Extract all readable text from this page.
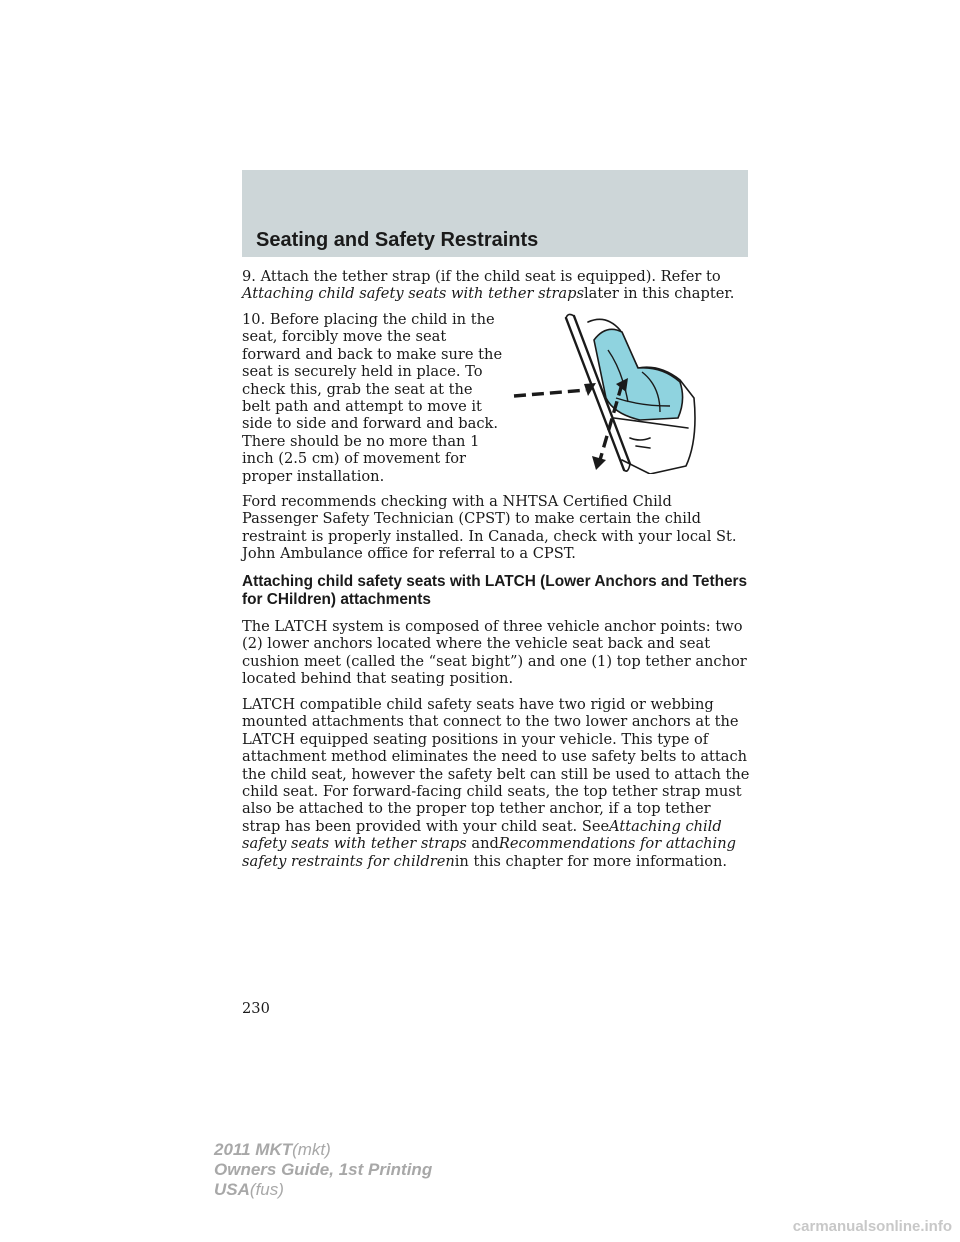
Seating and Safety Restraints

9. Attach the tether strap (if the child seat is equipped). Refer to Attaching child safety seats with tether strapslater in this chapter.

10. Before placing the child in the seat, forcibly move the seat forward and back to make sure the seat is securely held in place. To check this, grab the seat at the belt path and attempt to move it side to side and forward and back. There should be no more than 1 inch (2.5 cm) of movement for proper installation.

Ford recommends checking with a NHTSA Certified Child Passenger Safety Technician (CPST) to make certain the child restraint is properly installed. In Canada, check with your local St. John Ambulance office for referral to a CPST.

Attaching child safety seats with LATCH (Lower Anchors and Tethers for CHildren) attachments

The LATCH system is composed of three vehicle anchor points: two (2) lower anchors located where the vehicle seat back and seat cushion meet (called the “seat bight”) and one (1) top tether anchor located behind that seating position.

LATCH compatible child safety seats have two rigid or webbing mounted attachments that connect to the two lower anchors at the LATCH equipped seating positions in your vehicle. This type of attachment method eliminates the need to use safety belts to attach the child seat, however the safety belt can still be used to attach the child seat. For forward-facing child seats, the top tether strap must also be attached to the proper top tether anchor, if a top tether strap has been provided with your child seat. SeeAttaching child safety seats with tether straps andRecommendations for attaching safety restraints for childrenin this chapter for more information.

230

2011 MKT(mkt)
Owners Guide, 1st Printing
USA(fus)
carmanualsonline.info
